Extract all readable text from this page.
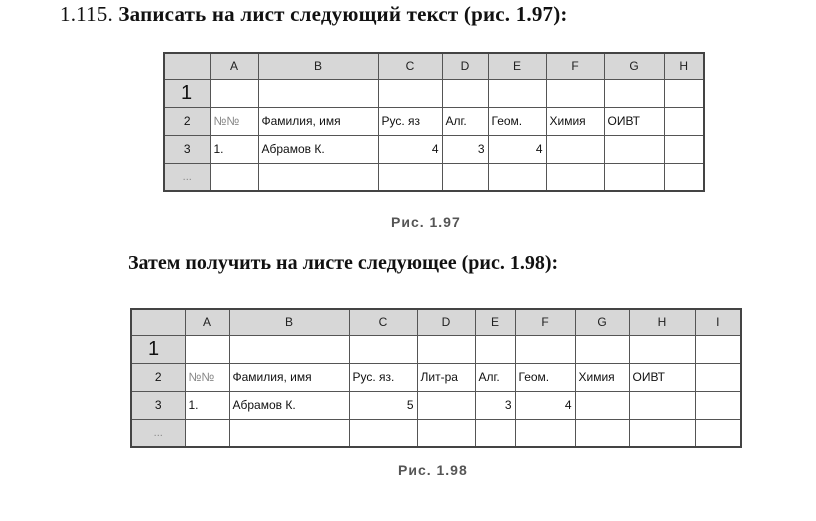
1.115. Записать на лист следующий текст (рис. 1.97):
	A	B	C	D	E	F	G	H
1								
2	№№	Фамилия, имя	Рус. яз	Алг.	Геом.	Химия	ОИВТ	
3	1.	Абрамов К.	4	3	4			
...								
Рис. 1.97
Затем получить на листе следующее (рис. 1.98):
	A	B	C	D	E	F	G	H	I
1									
2	№№	Фамилия, имя	Рус. яз.	Лит-ра	Алг.	Геом.	Химия	ОИВТ	
3	1.	Абрамов К.	5		3	4			
...									
Рис. 1.98
